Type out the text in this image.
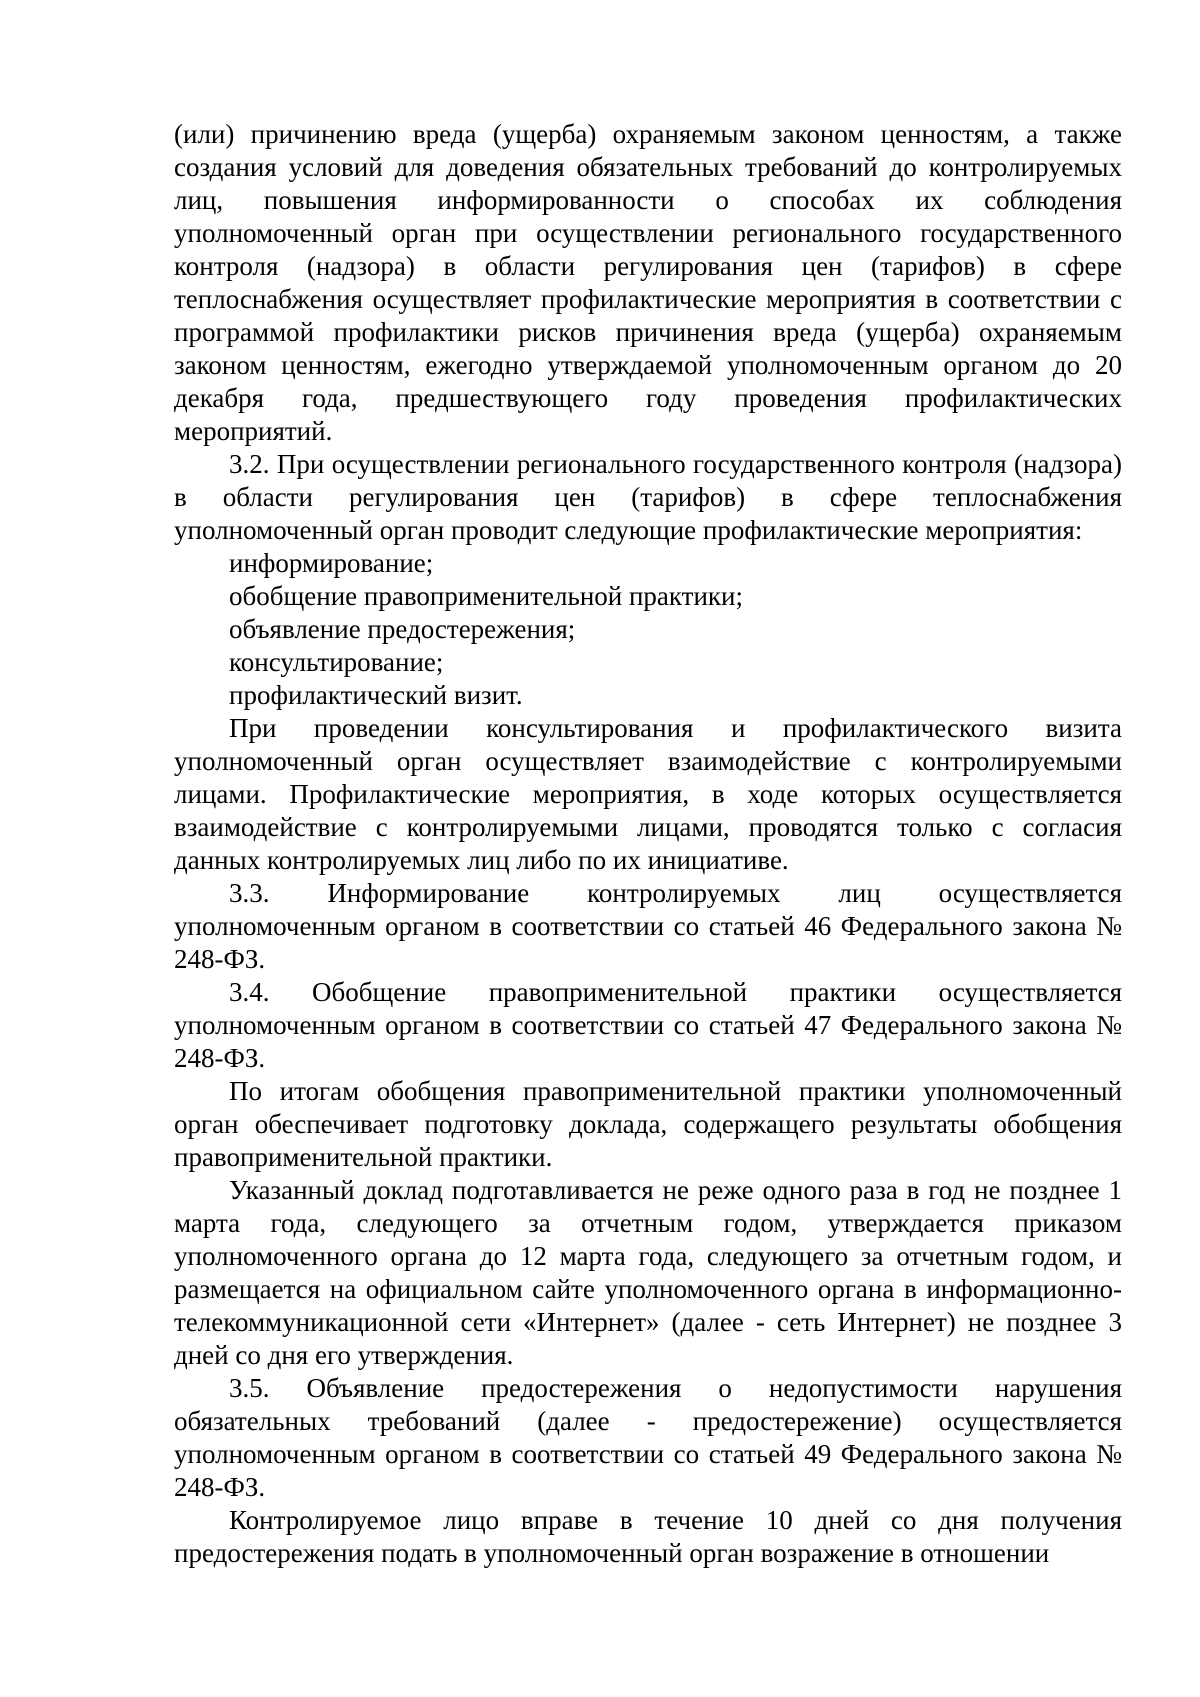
(или) причинению вреда (ущерба) охраняемым законом ценностям, а также создания условий для доведения обязательных требований до контролируемых лиц, повышения информированности о способах их соблюдения уполномоченный орган при осуществлении регионального государственного контроля (надзора) в области регулирования цен (тарифов) в сфере теплоснабжения осуществляет профилактические мероприятия в соответствии с программой профилактики рисков причинения вреда (ущерба) охраняемым законом ценностям, ежегодно утверждаемой уполномоченным органом до 20 декабря года, предшествующего году проведения профилактических мероприятий.

3.2. При осуществлении регионального государственного контроля (надзора) в области регулирования цен (тарифов) в сфере теплоснабжения уполномоченный орган проводит следующие профилактические мероприятия:

информирование;

обобщение правоприменительной практики;

объявление предостережения;

консультирование;

профилактический визит.

При проведении консультирования и профилактического визита уполномоченный орган осуществляет взаимодействие с контролируемыми лицами. Профилактические мероприятия, в ходе которых осуществляется взаимодействие с контролируемыми лицами, проводятся только с согласия данных контролируемых лиц либо по их инициативе.

3.3. Информирование контролируемых лиц осуществляется уполномоченным органом в соответствии со статьей 46 Федерального закона № 248-ФЗ.

3.4. Обобщение правоприменительной практики осуществляется уполномоченным органом в соответствии со статьей 47 Федерального закона № 248-ФЗ.

По итогам обобщения правоприменительной практики уполномоченный орган обеспечивает подготовку доклада, содержащего результаты обобщения правоприменительной практики.

Указанный доклад подготавливается не реже одного раза в год не позднее 1 марта года, следующего за отчетным годом, утверждается приказом уполномоченного органа до 12 марта года, следующего за отчетным годом, и размещается на официальном сайте уполномоченного органа в информационно-телекоммуникационной сети «Интернет» (далее - сеть Интернет) не позднее 3 дней со дня его утверждения.

3.5. Объявление предостережения о недопустимости нарушения обязательных требований (далее - предостережение) осуществляется уполномоченным органом в соответствии со статьей 49 Федерального закона № 248-ФЗ.

Контролируемое лицо вправе в течение 10 дней со дня получения предостережения подать в уполномоченный орган возражение в отношении
